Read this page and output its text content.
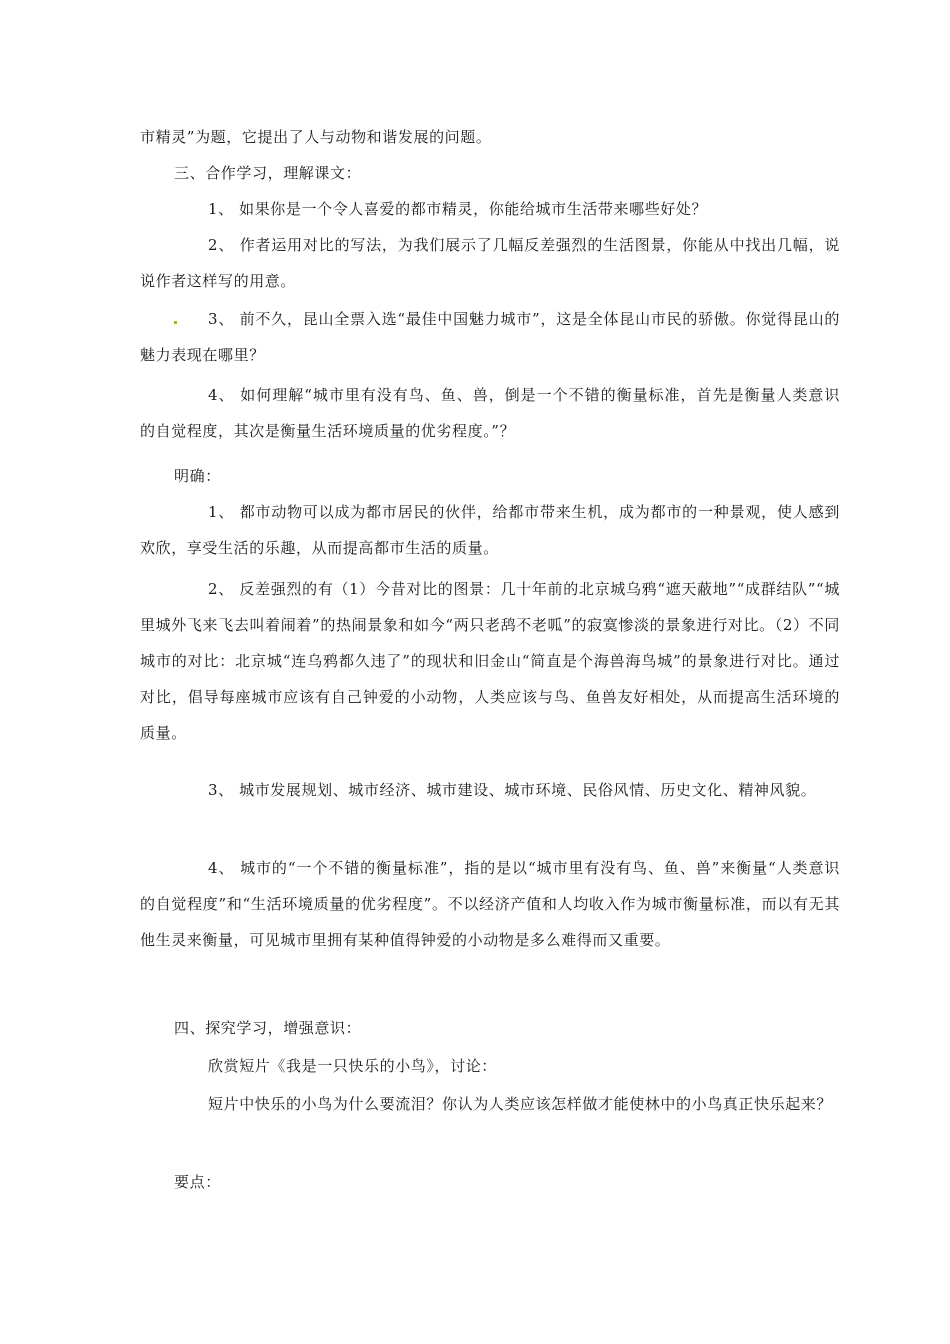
市精灵”为题，它提出了人与动物和谐发展的问题。

三、合作学习，理解课文：

1、 如果你是一个令人喜爱的都市精灵，你能给城市生活带来哪些好处？

2、 作者运用对比的写法，为我们展示了几幅反差强烈的生活图景，你能从中找出几幅，说说作者这样写的用意。

3、 前不久，昆山全票入选“最佳中国魅力城市”，这是全体昆山市民的骄傲。你觉得昆山的魅力表现在哪里？

4、 如何理解“城市里有没有鸟、鱼、兽，倒是一个不错的衡量标准，首先是衡量人类意识的自觉程度，其次是衡量生活环境质量的优劣程度。”？

明确：

1、 都市动物可以成为都市居民的伙伴，给都市带来生机，成为都市的一种景观，使人感到欢欣，享受生活的乐趣，从而提高都市生活的质量。

2、 反差强烈的有（1）今昔对比的图景：几十年前的北京城乌鸦“遮天蔽地”“成群结队”“城里城外飞来飞去叫着闹着”的热闹景象和如今“两只老鸹不老呱”的寂寞惨淡的景象进行对比。（2）不同城市的对比：北京城“连乌鸦都久违了”的现状和旧金山“简直是个海兽海鸟城”的景象进行对比。通过对比，倡导每座城市应该有自己钟爱的小动物，人类应该与鸟、鱼兽友好相处，从而提高生活环境的质量。

3、 城市发展规划、城市经济、城市建设、城市环境、民俗风情、历史文化、精神风貌。

4、 城市的“一个不错的衡量标准”，指的是以“城市里有没有鸟、鱼、兽”来衡量“人类意识的自觉程度”和“生活环境质量的优劣程度”。不以经济产值和人均收入作为城市衡量标准，而以有无其他生灵来衡量，可见城市里拥有某种值得钟爱的小动物是多么难得而又重要。

四、探究学习，增强意识：

欣赏短片《我是一只快乐的小鸟》，讨论：

短片中快乐的小鸟为什么要流泪？你认为人类应该怎样做才能使林中的小鸟真正快乐起来？

要点：
